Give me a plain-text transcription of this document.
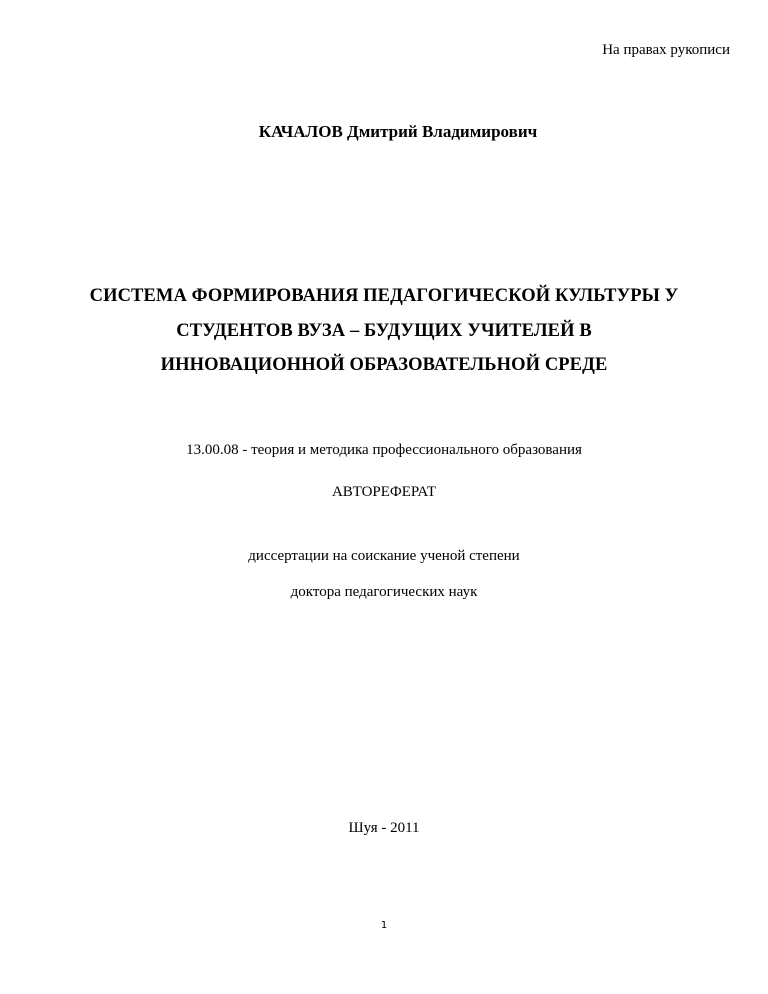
На правах рукописи
КАЧАЛОВ Дмитрий Владимирович
СИСТЕМА ФОРМИРОВАНИЯ ПЕДАГОГИЧЕСКОЙ КУЛЬТУРЫ У
СТУДЕНТОВ ВУЗА – БУДУЩИХ УЧИТЕЛЕЙ В
ИННОВАЦИОННОЙ ОБРАЗОВАТЕЛЬНОЙ СРЕДЕ
13.00.08 - теория и методика профессионального образования
АВТОРЕФЕРАТ
диссертации на соискание ученой степени
доктора педагогических наук
Шуя - 2011
1
